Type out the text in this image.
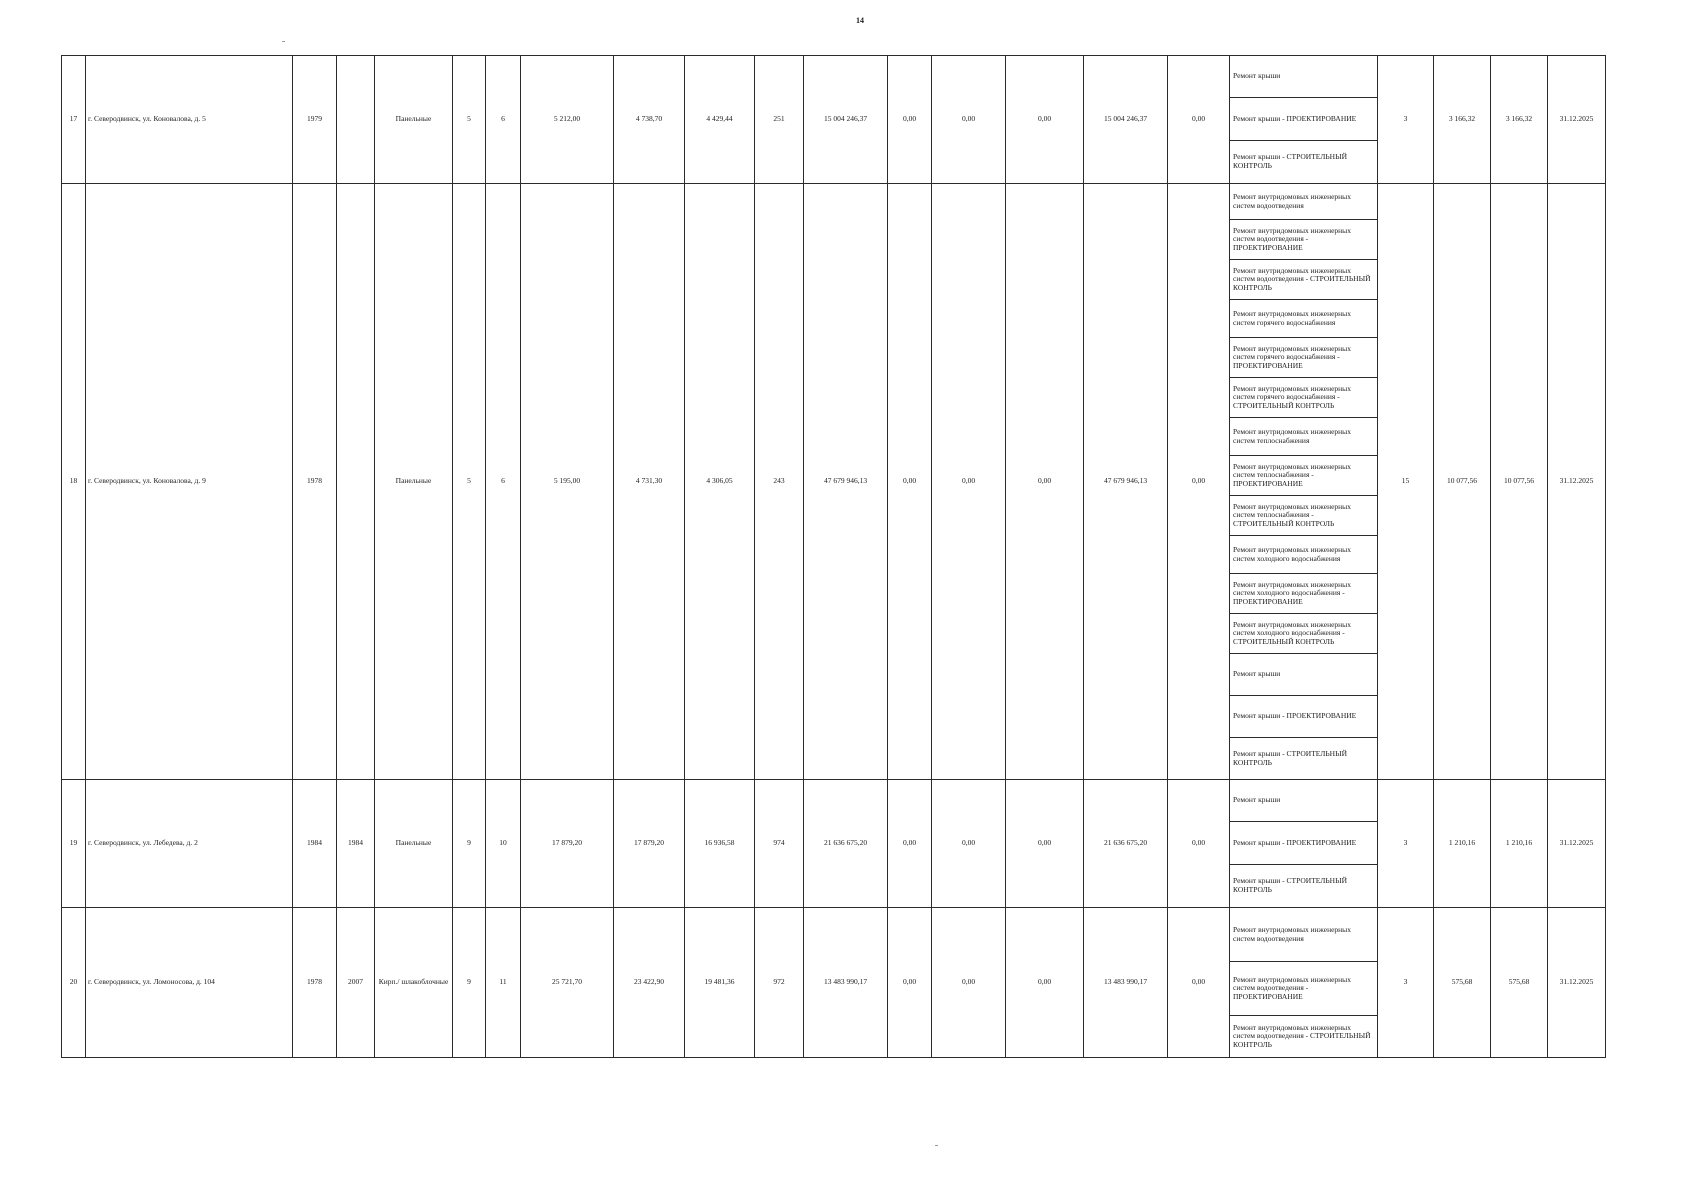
14
17	г. Северодвинск, ул. Коновалова, д. 5	1979		Панельные	5	6	5 212,00	4 738,70	4 429,44	251	15 004 246,37	0,00	0,00	0,00	15 004 246,37	0,00	Ремонт крыши	3	3 166,32	3 166,32	31.12.2025
																	Ремонт крыши - ПРОЕКТИРОВАНИЕ				
																	Ремонт крыши - СТРОИТЕЛЬНЫЙ КОНТРОЛЬ				
18	г. Северодвинск, ул. Коновалова, д. 9	1978		Панельные	5	6	5 195,00	4 731,30	4 306,05	243	47 679 946,13	0,00	0,00	0,00	47 679 946,13	0,00	Ремонт внутридомовых инженерных систем водоотведения	15	10 077,56	10 077,56	31.12.2025
																	Ремонт внутридомовых инженерных систем водоотведения - ПРОЕКТИРОВАНИЕ				
																	Ремонт внутридомовых инженерных систем водоотведения - СТРОИТЕЛЬНЫЙ КОНТРОЛЬ				
																	Ремонт внутридомовых инженерных систем горячего водоснабжения				
																	Ремонт внутридомовых инженерных систем горячего водоснабжения - ПРОЕКТИРОВАНИЕ				
																	Ремонт внутридомовых инженерных систем горячего водоснабжения - СТРОИТЕЛЬНЫЙ КОНТРОЛЬ				
																	Ремонт внутридомовых инженерных систем теплоснабжения				
																	Ремонт внутридомовых инженерных систем теплоснабжения - ПРОЕКТИРОВАНИЕ				
																	Ремонт внутридомовых инженерных систем теплоснабжения - СТРОИТЕЛЬНЫЙ КОНТРОЛЬ				
																	Ремонт внутридомовых инженерных систем холодного водоснабжения				
																	Ремонт внутридомовых инженерных систем холодного водоснабжения - ПРОЕКТИРОВАНИЕ				
																	Ремонт внутридомовых инженерных систем холодного водоснабжения - СТРОИТЕЛЬНЫЙ КОНТРОЛЬ				
																	Ремонт крыши				
																	Ремонт крыши - ПРОЕКТИРОВАНИЕ				
																	Ремонт крыши - СТРОИТЕЛЬНЫЙ КОНТРОЛЬ				
19	г. Северодвинск, ул. Лебедева, д. 2	1984	1984	Панельные	9	10	17 879,20	17 879,20	16 936,58	974	21 636 675,20	0,00	0,00	0,00	21 636 675,20	0,00	Ремонт крыши	3	1 210,16	1 210,16	31.12.2025
																	Ремонт крыши - ПРОЕКТИРОВАНИЕ				
																	Ремонт крыши - СТРОИТЕЛЬНЫЙ КОНТРОЛЬ				
20	г. Северодвинск, ул. Ломоносова, д. 104	1978	2007	Кирп./ шлакоблочные	9	11	25 721,70	23 422,90	19 481,36	972	13 483 990,17	0,00	0,00	0,00	13 483 990,17	0,00	Ремонт внутридомовых инженерных систем водоотведения	3	575,68	575,68	31.12.2025
																	Ремонт внутридомовых инженерных систем водоотведения - ПРОЕКТИРОВАНИЕ				
																	Ремонт внутридомовых инженерных систем водоотведения - СТРОИТЕЛЬНЫЙ КОНТРОЛЬ				
